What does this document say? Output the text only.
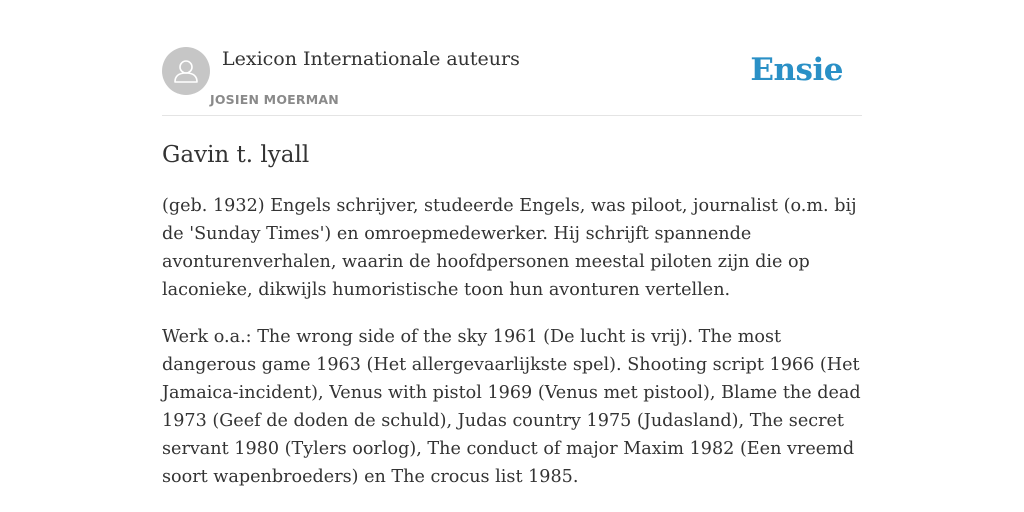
Lexicon Internationale auteurs
JOSIEN MOERMAN
Ensie
Gavin t. lyall

(geb. 1932) Engels schrijver, studeerde Engels, was piloot, journalist (o.m. bij de 'Sunday Times') en omroepmedewerker. Hij schrijft spannende avonturenverhalen, waarin de hoofdpersonen meestal piloten zijn die op laconieke, dikwijls humoristische toon hun avonturen vertellen.

Werk o.a.: The wrong side of the sky 1961 (De lucht is vrij). The most dangerous game 1963 (Het allergevaarlijkste spel). Shooting script 1966 (Het Jamaica-incident), Venus with pistol 1969 (Venus met pistool), Blame the dead 1973 (Geef de doden de schuld), Judas country 1975 (Judasland), The secret servant 1980 (Tylers oorlog), The conduct of major Maxim 1982 (Een vreemd soort wapenbroeders) en The crocus list 1985.
